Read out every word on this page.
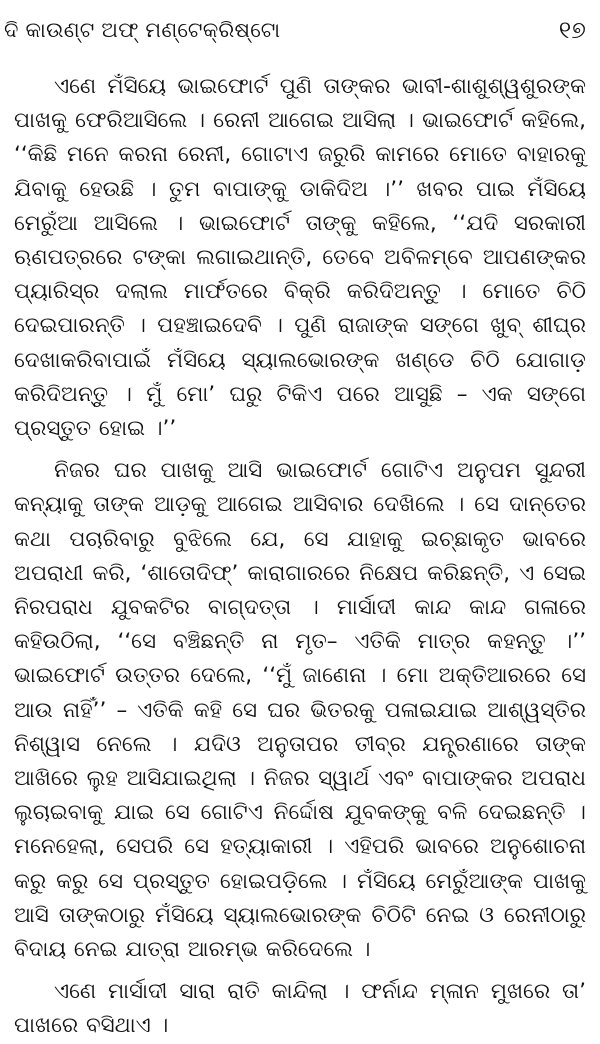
ଦି କାଉଣ୍ଟ ଅଫ୍ ମଣ୍ଟେକ୍ରିଷ୍ଟୋ	୧୭

ଏଣେ ମଁସିୟେ ଭାଇଫୋର୍ଟ ପୁଣି ତାଙ୍କର ଭାବୀ-ଶାଶୁଶ୍ୱଶୁରଙ୍କ ପାଖକୁ ଫେରିଆସିଲେ । ରେନୀ ଆଗେଇ ଆସିଲା । ଭାଇଫୋର୍ଟ କହିଲେ, ‘‘କିଛି ମନେ କରନା ରେନୀ, ଗୋଟାଏ ଜରୁରି କାମରେ ମୋତେ ବାହାରକୁ ଯିବାକୁ ହେଉଛି । ତୁମ ବାପାଙ୍କୁ ଡାକିଦିଅ ।’’ ଖବର ପାଇ ମଁସିୟେ ମେରୁଁଆ ଆସିଲେ । ଭାଇଫୋର୍ଟ ତାଙ୍କୁ କହିଲେ, ‘‘ଯଦି ସରକାରୀ ଋଣପତ୍ରରେ ଟଙ୍କା ଲଗାଇଥାନ୍ତି, ତେବେ ଅବିଳମ୍ବେ ଆପଣଙ୍କର ପ୍ୟାରିସ୍‌ର ଦଲାଲ ମାର୍ଫତରେ ବିକ୍ରି କରିଦିଅନ୍ତୁ । ମୋତେ ଚିଠି ଦେଇପାରନ୍ତି । ପହଞ୍ଚାଇଦେବି । ପୁଣି ରାଜାଙ୍କ ସଙ୍ଗେ ଖୁବ୍ ଶୀଘ୍ର ଦେଖାକରିବାପାଇଁ ମଁସିୟେ ସ୍ୟାଲଭୋରଙ୍କ ଖଣ୍ଡେ ଚିଠି ଯୋଗାଡ଼ କରିଦିଅନ୍ତୁ । ମୁଁ ମୋ’ ଘରୁ ଟିକିଏ ପରେ ଆସୁଛି – ଏକ ସଙ୍ଗେ ପ୍ରସ୍ତୁତ ହୋଇ ।’’

ନିଜର ଘର ପାଖକୁ ଆସି ଭାଇଫୋର୍ଟ ଗୋଟିଏ ଅନୁପମ ସୁନ୍ଦରୀ କନ୍ୟାକୁ ତାଙ୍କ ଆଡ଼କୁ ଆଗେଇ ଆସିବାର ଦେଖିଲେ । ସେ ଦାନ୍ତେର କଥା ପଚାରିବାରୁ ବୁଝିଲେ ଯେ, ସେ ଯାହାକୁ ଇଚ୍ଛାକୃତ ଭାବରେ ଅପରାଧୀ କରି, ‘ଶାତୋଦିଫ୍’ କାରାଗାରରେ ନିକ୍ଷେପ କରିଛନ୍ତି, ଏ ସେଇ ନିରପରାଧ ଯୁବକଟିର ବାଗ୍‌ଦତ୍ତା । ମାର୍ସାଦୀ କାନ୍ଦ କାନ୍ଦ ଗଳାରେ କହିଉଠିଲା, ‘‘ସେ ବଞ୍ଚିଛନ୍ତି ନା ମୃତ– ଏତିକି ମାତ୍ର କହନ୍ତୁ ।’’ ଭାଇଫୋର୍ଟ ଉତ୍ତର ଦେଲେ, ‘‘ମୁଁ ଜାଣେନା । ମୋ ଅକ୍ତିଆରରେ ସେ ଆଉ ନାହିଁ’’ – ଏତିକି କହି ସେ ଘର ଭିତରକୁ ପଳାଇଯାଇ ଆଶ୍ୱସ୍ତିର ନିଶ୍ୱାସ ନେଲେ । ଯଦିଓ ଅନୁତାପର ତୀବ୍ର ଯନ୍ତ୍ରଣାରେ ତାଙ୍କ ଆଖିରେ ଲୁହ ଆସିଯାଇଥିଲା । ନିଜର ସ୍ୱାର୍ଥ ଏବଂ ବାପାଙ୍କର ଅପରାଧ ଲୁଚାଇବାକୁ ଯାଇ ସେ ଗୋଟିଏ ନିର୍ଦ୍ଦୋଷ ଯୁବକଙ୍କୁ ବଳି ଦେଇଛନ୍ତି । ମନେହେଲା, ସେପରି ସେ ହତ୍ୟାକାରୀ । ଏହିପରି ଭାବରେ ଅନୁଶୋଚନା କରୁ କରୁ ସେ ପ୍ରସ୍ତୁତ ହୋଇପଡ଼ିଲେ । ମଁସିୟେ ମେରୁଁଆଙ୍କ ପାଖକୁ ଆସି ତାଙ୍କଠାରୁ ମଁସିୟେ ସ୍ୟାଲଭୋରଙ୍କ ଚିଠିଟି ନେଇ ଓ ରେନୀଠାରୁ ବିଦାୟ ନେଇ ଯାତ୍ରା ଆରମ୍ଭ କରିଦେଲେ ।

ଏଣେ ମାର୍ସାଦୀ ସାରା ରାତି କାନ୍ଦିଲା । ଫର୍ନାନ୍ଦ ମ୍ଳାନ ମୁଖରେ ତା’ ପାଖରେ ବସିଥାଏ ।
